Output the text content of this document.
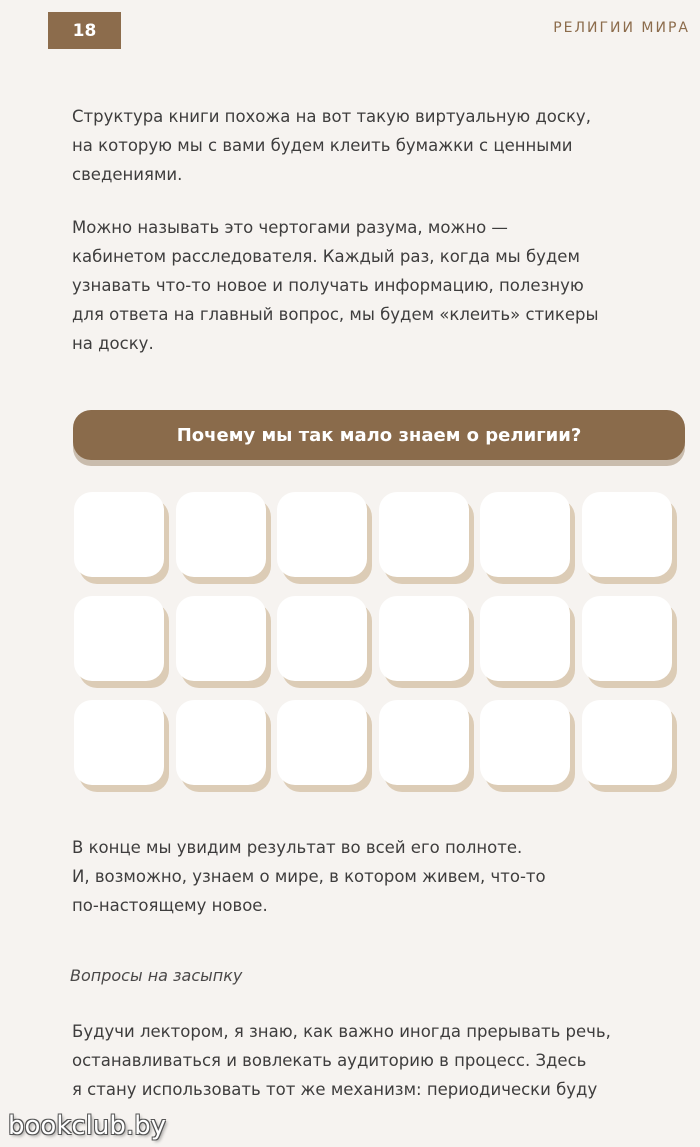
18	РЕЛИГИИ МИРА
Структура книги похожа на вот такую виртуальную доску,
на которую мы с вами будем клеить бумажки с ценными
сведениями.
Можно называть это чертогами разума, можно —
кабинетом расследователя. Каждый раз, когда мы будем
узнавать что-то новое и получать информацию, полезную
для ответа на главный вопрос, мы будем «клеить» стикеры
на доску.
Почему мы так мало знаем о религии?
В конце мы увидим результат во всей его полноте.
И, возможно, узнаем о мире, в котором живем, что-то
по-настоящему новое.
Вопросы на засыпку
Будучи лектором, я знаю, как важно иногда прерывать речь,
останавливаться и вовлекать аудиторию в процесс. Здесь
я стану использовать тот же механизм: периодически буду
bookclub.by
